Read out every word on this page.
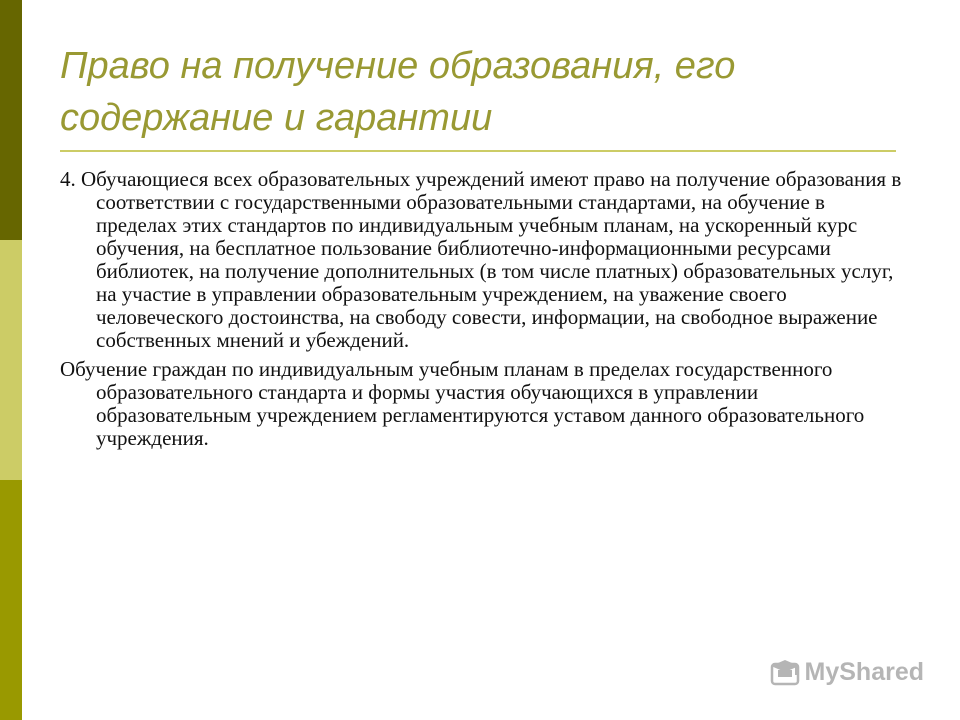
Право на получение образования, его
содержание и гарантии

4. Обучающиеся всех образовательных учреждений имеют право на получение образования в соответствии с государственными образовательными стандартами, на обучение в пределах этих стандартов по индивидуальным учебным планам, на ускоренный курс обучения, на бесплатное пользование библиотечно-информационными ресурсами библиотек, на получение дополнительных (в том числе платных) образовательных услуг, на участие в управлении образовательным учреждением, на уважение своего человеческого достоинства, на свободу совести, информации, на свободное выражение собственных мнений и убеждений.

Обучение граждан по индивидуальным учебным планам в пределах государственного образовательного стандарта и формы участия обучающихся в управлении образовательным учреждением регламентируются уставом данного образовательного учреждения.

MyShared
